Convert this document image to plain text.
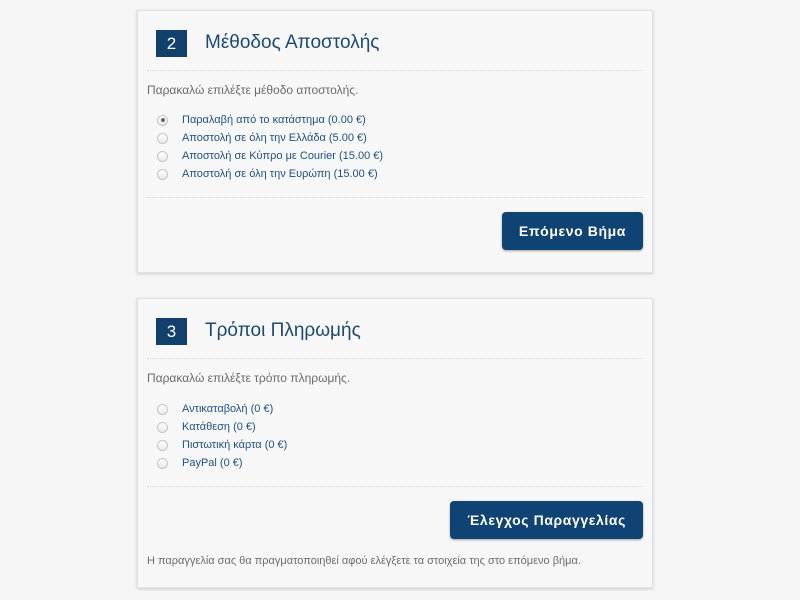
2	Μέθοδος Αποστολής
Παρακαλώ επιλέξτε μέθοδο αποστολής.
Παραλαβή από το κατάστημα (0.00 €)
Αποστολή σε όλη την Ελλάδα (5.00 €)
Αποστολή σε Κύπρο με Courier (15.00 €)
Αποστολή σε όλη την Ευρώπη (15.00 €)
Επόμενο Βήμα
3	Τρόποι Πληρωμής
Παρακαλώ επιλέξτε τρόπο πληρωμής.
Αντικαταβολή (0 €)
Κατάθεση (0 €)
Πιστωτική κάρτα (0 €)
PayPal (0 €)
Έλεγχος Παραγγελίας
Η παραγγελία σας θα πραγματοποιηθεί αφού ελέγξετε τα στοιχεία της στο επόμενο βήμα.
